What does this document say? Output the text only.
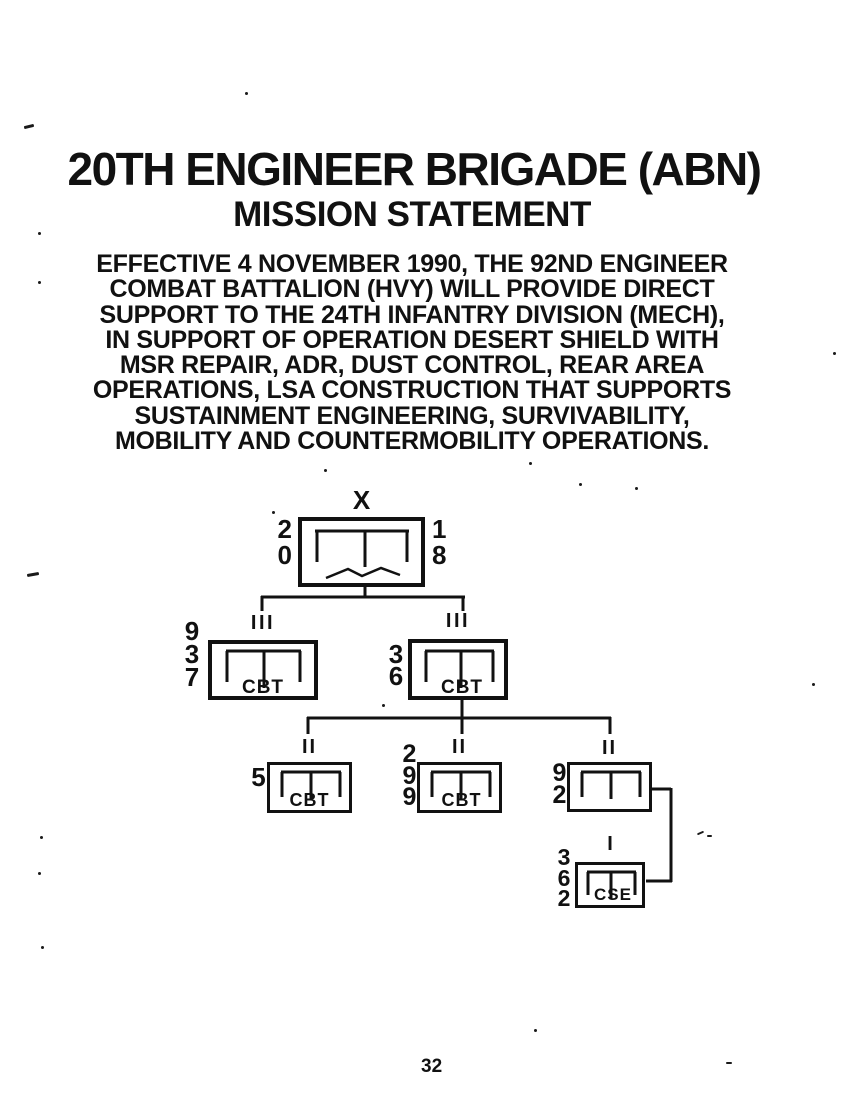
20TH ENGINEER BRIGADE (ABN)
MISSION STATEMENT
EFFECTIVE 4 NOVEMBER 1990, THE 92ND ENGINEER
COMBAT BATTALION (HVY) WILL PROVIDE DIRECT
SUPPORT TO THE 24TH INFANTRY DIVISION (MECH),
IN SUPPORT OF OPERATION DESERT SHIELD WITH
MSR REPAIR, ADR, DUST CONTROL, REAR AREA
OPERATIONS, LSA CONSTRUCTION THAT SUPPORTS
SUSTAINMENT ENGINEERING, SURVIVABILITY,
MOBILITY AND COUNTERMOBILITY OPERATIONS.
X
2
0
1
8
III
9
3
7	CBT
III
3
6	CBT
II
5
CBT
II
2
9
9	CBT
II
9
2
I
3
6
2	CSE
32
